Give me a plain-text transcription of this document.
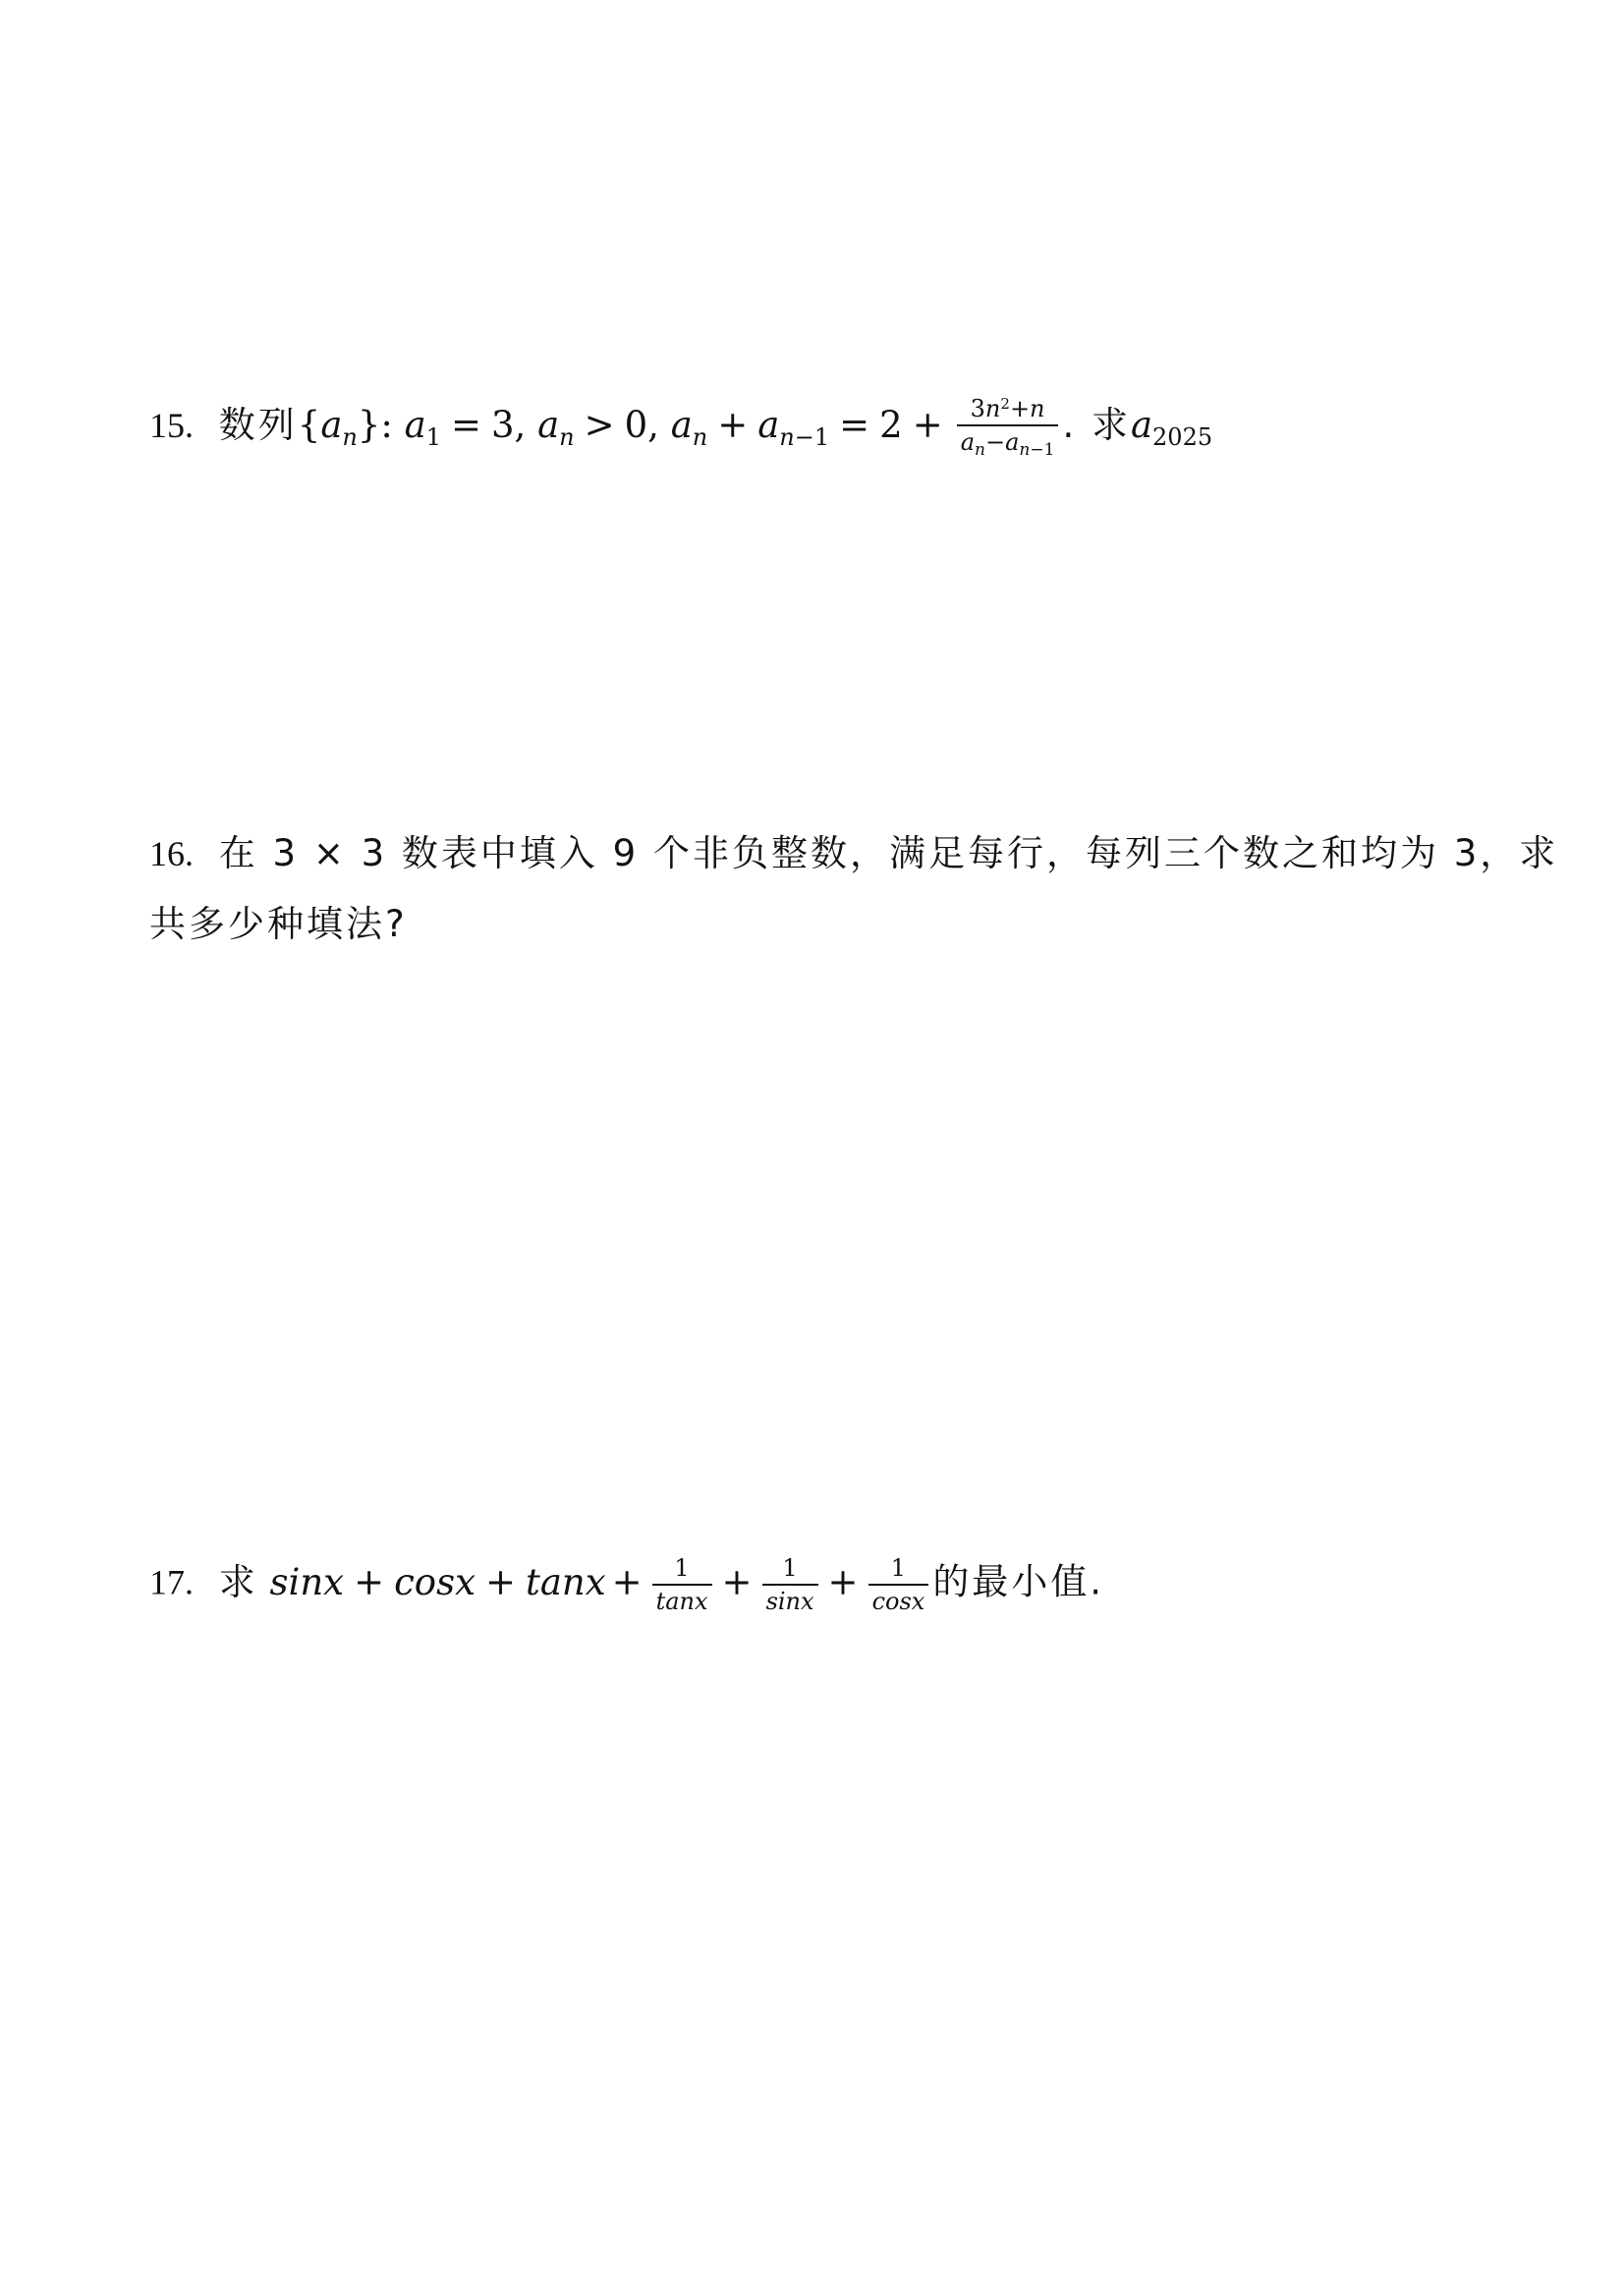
15. 数列$\{a_n\}$: $a_1 = 3$, $a_n > 0$, $a_n + a_{n-1} = 2 + \frac{3n^2+n}{a_n-a_{n-1}}$ . 求$a_{2025}$
16. 在 3 × 3 数表中填入 9 个非负整数，满足每行，每列三个数之和均为 3，求
共多少种填法?
17. 求 $\sin x + \cos x + \tan x + \frac{1}{\tan x} + \frac{1}{\sin x} + \frac{1}{\cos x}$ 的最小值.
